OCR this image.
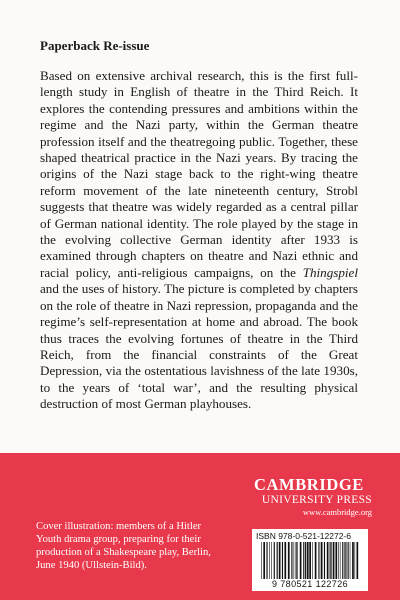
Paperback Re-issue

Based on extensive archival research, this is the first full-length study in English of theatre in the Third Reich. It explores the contending pressures and ambitions within the regime and the Nazi party, within the German theatre profession itself and the theatregoing public. Together, these shaped theatrical practice in the Nazi years. By tracing the origins of the Nazi stage back to the right-wing theatre reform movement of the late nineteenth century, Strobl suggests that theatre was widely regarded as a central pillar of German national identity. The role played by the stage in the evolving collective German identity after 1933 is examined through chapters on theatre and Nazi ethnic and racial policy, anti-religious campaigns, on the Thingspiel and the uses of history. The picture is completed by chapters on the role of theatre in Nazi repression, propaganda and the regime’s self-representation at home and abroad. The book thus traces the evolving fortunes of theatre in the Third Reich, from the financial constraints of the Great Depression, via the ostentatious lavishness of the late 1930s, to the years of ‘total war’, and the resulting physical destruction of most German playhouses.

Cover illustration: members of a Hitler Youth drama group, preparing for their production of a Shakespeare play, Berlin, June 1940 (Ullstein-Bild).
CAMBRIDGE
UNIVERSITY PRESS
www.cambridge.org
ISBN 978-0-521-12272-6
9 780521 122726
